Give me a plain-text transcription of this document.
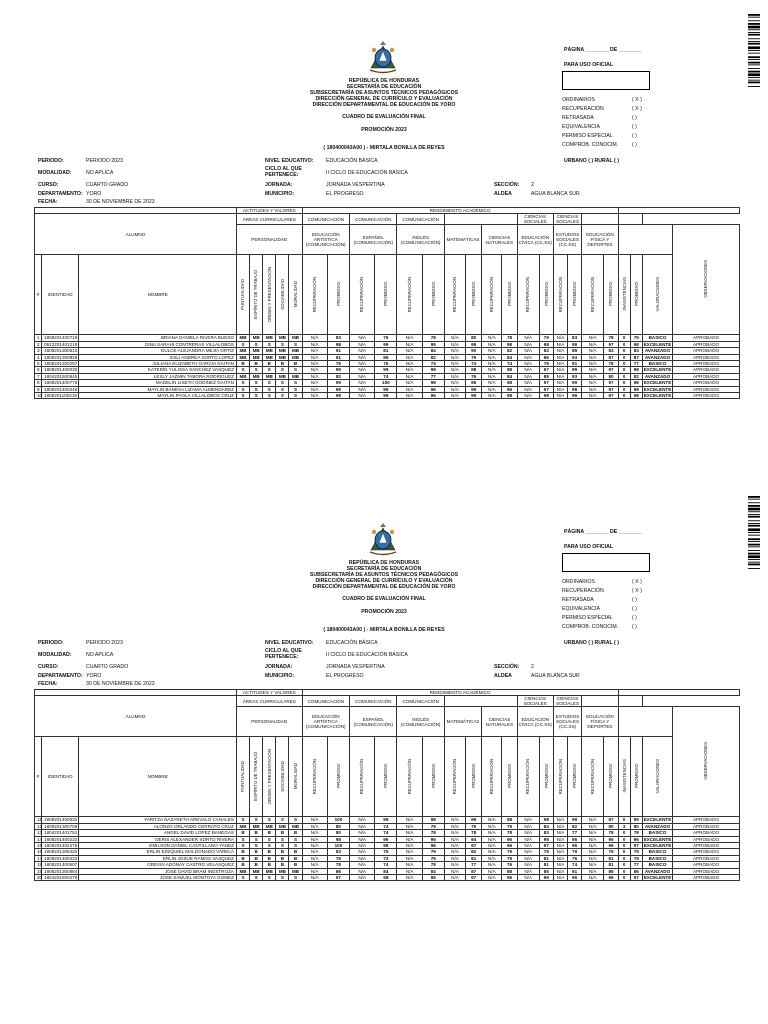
REPÚBLICA DE HONDURAS
SECRETARÍA DE EDUCACIÓN
SUBSECRETARÍA DE ASUNTOS TÉCNICOS PEDAGÓGICOS
DIRECCIÓN GENERAL DE CURRÍCULO Y EVALUACIÓN
DIRECCIÓN DEPARTAMENTAL DE EDUCACIÓN DE YORO
CUADRO DE EVALUACIÓN FINAL
PROMOCIÓN 2023
( 180400043A00 ) - MIRTALA BONILLA DE REYES
PÁGINA ________ DE ________
PARA USO OFICIAL
ORDINARIOS	( X )
RECUPERACIÓN	( X )
RETRASADA	( )
EQUIVALENCIA	( )
PERMISO ESPECIAL	( )
COMPROB. CONOCIM.	( )
PERIODO:	PERIODO 2023
MODALIDAD:	NO APLICA
CURSO:	CUARTO GRADO
DEPARTAMENTO: YORO
FECHA:	30 DE NOVIEMBRE DE 2023
NIVEL EDUCATIVO: EDUCACIÓN BÁSICA
CICLO AL QUE PERTENECE:	II CICLO DE EDUCACIÓN BÁSICA
JORNADA:	JORNADA VESPERTINA
MUNICIPIO:	EL PROGRESO
SECCIÓN: 2
ALDEA	AGUA BLANCA SUR
URBANO ( ) RURAL ( )
			ACTITUDES Y VALORES					RENDIMIENTO ACADÉMICO																			
ALUMNO			ÁREAS CURRICULARES					COMUNICACIÓN		COMUNICACIÓN		COMUNICACIÓN						CIENCIAS SOCIALES		CIENCIAS SOCIALES							
			PERSONALIDAD					EDUCACIÓN ARTÍSTICA (COMUNICACIÓN)		ESPAÑOL (COMUNICACIÓN)		INGLÉS (COMUNICACIÓN)		MATEMÁTICAS		CIENCIAS NATURALES		EDUCACIÓN CÍVICA (CC.SS)		ESTUDIOS SOCIALES (CC.SS)		EDUCACIÓN FÍSICA Y DEPORTES					OBSERVACIONES
#	IDENTIDAD	NOMBRE	PUNTUALIDAD	ESPÍRITU DE TRABAJO	ORDEN Y PRESENTACIÓN	SOCIABILIDAD	MORALIDAD	RECUPERACIÓN	PROMEDIO	RECUPERACIÓN	PROMEDIO	RECUPERACIÓN	PROMEDIO	RECUPERACIÓN	PROMEDIO	RECUPERACIÓN	PROMEDIO	RECUPERACIÓN	PROMEDIO	RECUPERACIÓN	PROMEDIO	RECUPERACIÓN	PROMEDIO	INASISTENCIAS	PROMEDIO	VALORACIONES	
1	1808201400718	BRIANA DANIELA RIVERA BUESO	MB	MB	MB	MB	MB	N/A	83	N/A	76	N/A	78	N/A	80	N/A	78	N/A	79	N/A	83	N/A	78	0	79	BASICO	APROBADO
2	0512201401218	DINA SARAHI CONTRERAS VILLALOBOS	S	S	S	S	S	N/A	98	N/A	99	N/A	95	N/A	99	N/A	98	N/A	98	N/A	99	N/A	97	0	98	EXCELENTE	APROBADO
3	1808201300513	DULCE ALEJANDRA MEJIA ORTIZ	MB	MB	MB	MB	MB	N/A	91	N/A	81	N/A	84	N/A	90	N/A	82	N/A	82	N/A	85	N/A	83	0	83	AVANZADO	APROBADO
4	1808201300929	ESLI ANDREA SORTO LOPEZ	MB	MB	MB	MB	MB	N/A	91	N/A	85	N/A	82	N/A	79	N/A	84	N/A	86	N/A	93	N/A	87	0	87	AVANZADO	APROBADO
5	1808201200297	JULIANA ELIZABETH GARCIA GAITAN	B	B	B	B	B	N/A	79	N/A	76	N/A	74	N/A	74	N/A	74	N/A	79	N/A	81	N/A	78	0	77	BASICO	APROBADO
6	1808201400030	KATERIN YULISSA SANCHEZ VASQUEZ	S	S	S	S	S	N/A	99	N/A	99	N/A	98	N/A	98	N/A	98	N/A	97	N/A	99	N/A	97	0	98	EXCELENTE	APROBADO
7	1804201500845	LESLY JAZMIN TABORA RODRIGUEZ	MB	MB	MB	MB	MB	N/A	82	N/A	74	N/A	77	N/A	76	N/A	84	N/A	85	N/A	93	N/A	80	0	82	AVANZADO	APROBADO
8	1808201400778	MADELIN LISETH GODINEZ GAITAN	S	S	S	S	S	N/A	99	N/A	100	N/A	98	N/A	99	N/A	98	N/A	97	N/A	99	N/A	97	0	98	EXCELENTE	APROBADO
9	1808201400246	MAYLIN BANESA LIZAMA ALMENDAREZ	S	S	S	S	S	N/A	98	N/A	99	N/A	96	N/A	99	N/A	96	N/A	97	N/A	98	N/A	97	0	98	EXCELENTE	APROBADO
10	1808201100218	MAYLIN PAOLA VILLALOBOS CRUZ	S	S	S	S	S	N/A	98	N/A	99	N/A	96	N/A	99	N/A	98	N/A	98	N/A	99	N/A	97	0	98	EXCELENTE	APROBADO
REPÚBLICA DE HONDURAS
SECRETARÍA DE EDUCACIÓN
SUBSECRETARÍA DE ASUNTOS TÉCNICOS PEDAGÓGICOS
DIRECCIÓN GENERAL DE CURRÍCULO Y EVALUACIÓN
DIRECCIÓN DEPARTAMENTAL DE EDUCACIÓN DE YORO
CUADRO DE EVALUACIÓN FINAL
PROMOCIÓN 2023
( 180400043A00 ) - MIRTALA BONILLA DE REYES
PÁGINA ________ DE ________
PARA USO OFICIAL
ORDINARIOS	( X )
RECUPERACIÓN	( X )
RETRASADA	( )
EQUIVALENCIA	( )
PERMISO ESPECIAL	( )
COMPROB. CONOCIM.	( )
PERIODO:	PERIODO 2023
MODALIDAD:	NO APLICA
CURSO:	CUARTO GRADO
DEPARTAMENTO: YORO
FECHA:	30 DE NOVIEMBRE DE 2023
NIVEL EDUCATIVO: EDUCACIÓN BÁSICA
CICLO AL QUE PERTENECE:	II CICLO DE EDUCACIÓN BÁSICA
JORNADA:	JORNADA VESPERTINA
MUNICIPIO:	EL PROGRESO
SECCIÓN: 2
ALDEA	AGUA BLANCA SUR
URBANO ( ) RURAL ( )
			ACTITUDES Y VALORES					RENDIMIENTO ACADÉMICO																			
ALUMNO			ÁREAS CURRICULARES					COMUNICACIÓN		COMUNICACIÓN		COMUNICACIÓN						CIENCIAS SOCIALES		CIENCIAS SOCIALES							
			PERSONALIDAD					EDUCACIÓN ARTÍSTICA (COMUNICACIÓN)		ESPAÑOL (COMUNICACIÓN)		INGLÉS (COMUNICACIÓN)		MATEMÁTICAS		CIENCIAS NATURALES		EDUCACIÓN CÍVICA (CC.SS)		ESTUDIOS SOCIALES (CC.SS)		EDUCACIÓN FÍSICA Y DEPORTES					OBSERVACIONES
#	IDENTIDAD	NOMBRE	PUNTUALIDAD	ESPÍRITU DE TRABAJO	ORDEN Y PRESENTACIÓN	SOCIABILIDAD	MORALIDAD	RECUPERACIÓN	PROMEDIO	RECUPERACIÓN	PROMEDIO	RECUPERACIÓN	PROMEDIO	RECUPERACIÓN	PROMEDIO	RECUPERACIÓN	PROMEDIO	RECUPERACIÓN	PROMEDIO	RECUPERACIÓN	PROMEDIO	RECUPERACIÓN	PROMEDIO	INASISTENCIAS	PROMEDIO	VALORACIONES	
11	1808201400532	YARITZA NAZARETH AREVALO CANALES	S	S	S	S	S	N/A	100	N/A	99	N/A	98	N/A	99	N/A	98	N/A	98	N/A	99	N/A	97	0	99	EXCELENTE	APROBADO
12	1808201300709	ALONZO ORLANDO CERRATO CRUZ	MB	MB	MB	MB	MB	N/A	80	N/A	74	N/A	79	N/A	79	N/A	79	N/A	84	N/A	82	N/A	80	3	80	AVANZADO	APROBADO
13	1804201401751	ANGEL DAVID LOPEZ BANEGAS	B	B	B	B	B	N/A	80	N/A	74	N/A	78	N/A	78	N/A	78	N/A	83	N/A	77	N/A	78	0	78	BASICO	APROBADO
14	1808201400232	DERIS ALEXANDER SORTO RIVERA	S	S	S	S	S	N/A	98	N/A	96	N/A	95	N/A	94	N/A	96	N/A	95	N/A	95	N/A	95	0	96	EXCELENTE	APROBADO
15	1808201402275	EMILSON DANIEL CANTILLANO YANEZ	S	S	S	S	S	N/A	100	N/A	98	N/A	96	N/A	97	N/A	96	N/A	97	N/A	96	N/A	96	0	97	EXCELENTE	APROBADO
16	1808201305420	ERLIN EZEQUIEL MALDONADO VARELA	B	B	B	B	B	N/A	83	N/A	75	N/A	79	N/A	82	N/A	79	N/A	79	N/A	79	N/A	79	0	79	BASICO	APROBADO
17	1808201400433	ERLIN JOSUE RAMOS VASQUEZ	B	B	B	B	B	N/A	76	N/A	73	N/A	76	N/A	81	N/A	79	N/A	81	N/A	76	N/A	81	0	79	BASICO	APROBADO
18	1808201400507	GREVIN ADONAY CASTRO VELASQUEZ	B	B	B	B	B	N/A	78	N/A	74	N/A	78	N/A	77	N/A	76	N/A	81	N/A	74	N/A	81	0	77	BASICO	APROBADO
19	1808201300884	JOSE DAVID BRAM INESTROZA	MB	MB	MB	MB	MB	N/A	86	N/A	84	N/A	84	N/A	87	N/A	88	N/A	85	N/A	91	N/A	85	0	86	AVANZADO	APROBADO
20	1804201500279	JOSE SAMUEL MONTOYA GOMEZ	S	S	S	S	S	N/A	97	N/A	98	N/A	95	N/A	97	N/A	95	N/A	99	N/A	96	N/A	96	0	97	EXCELENTE	APROBADO
